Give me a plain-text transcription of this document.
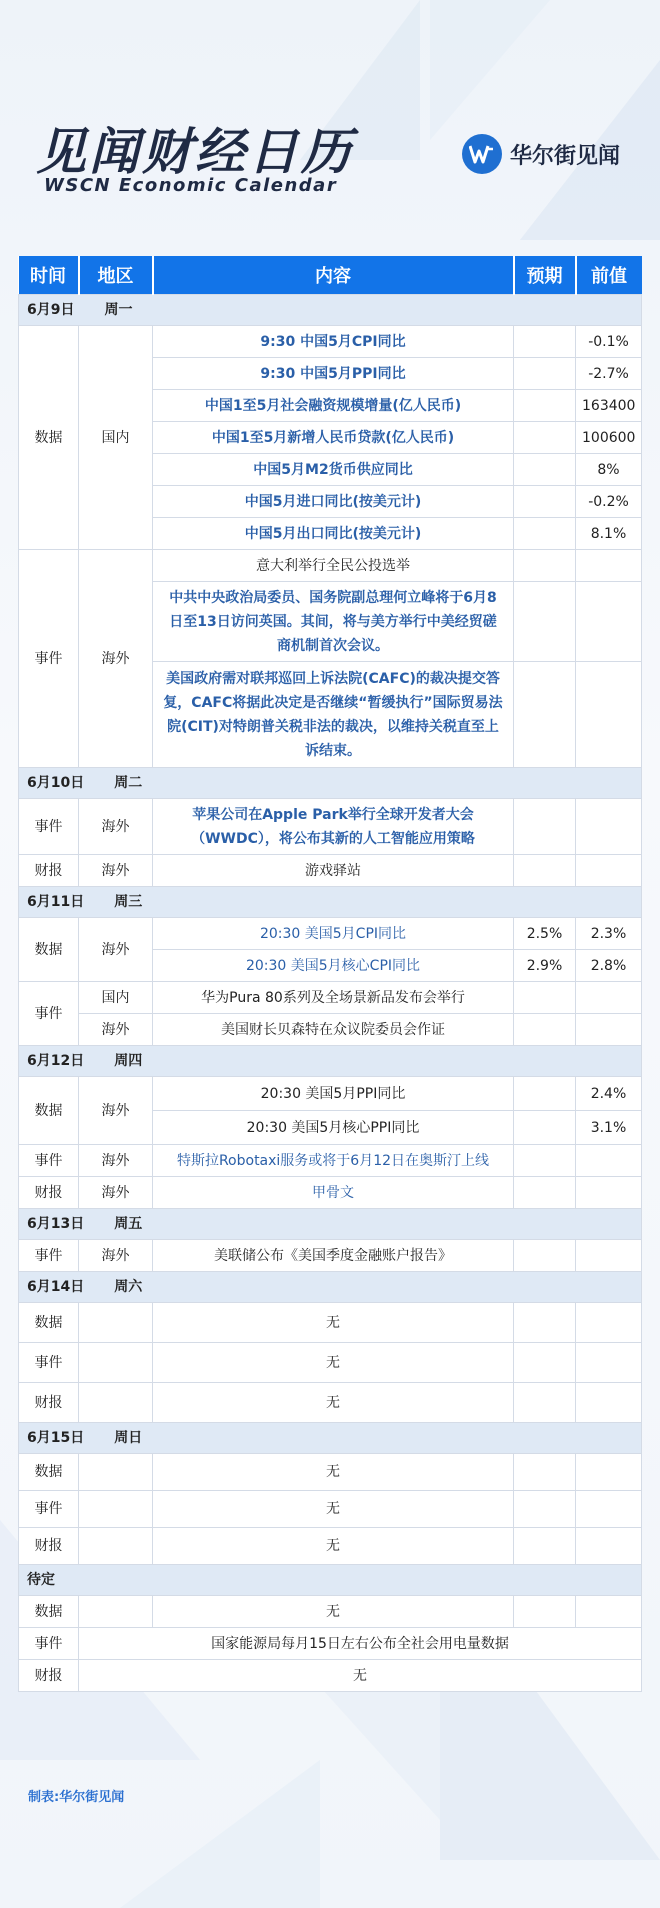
见闻财经日历
WSCN Economic Calendar
华尔街见闻
时间	地区	内容	预期	前值
6月9日 周一				
数据	国内	9:30 中国5月CPI同比		-0.1%
		9:30 中国5月PPI同比		-2.7%
		中国1至5月社会融资规模增量(亿人民币)		163400
		中国1至5月新增人民币贷款(亿人民币)		100600
		中国5月M2货币供应同比		8%
		中国5月进口同比(按美元计)		-0.2%
		中国5月出口同比(按美元计)		8.1%
事件	海外	意大利举行全民公投选举		
		中共中央政治局委员、国务院副总理何立峰将于6月8日至13日访问英国。其间，将与美方举行中美经贸磋商机制首次会议。		
		美国政府需对联邦巡回上诉法院(CAFC)的裁决提交答复，CAFC将据此决定是否继续“暂缓执行”国际贸易法院(CIT)对特朗普关税非法的裁决，以维持关税直至上诉结束。		
6月10日 周二				
事件	海外	苹果公司在Apple Park举行全球开发者大会（WWDC），将公布其新的人工智能应用策略		
财报	海外	游戏驿站		
6月11日 周三				
数据	海外	20:30 美国5月CPI同比	2.5%	2.3%
		20:30 美国5月核心CPI同比	2.9%	2.8%
事件	国内	华为Pura 80系列及全场景新品发布会举行		
	海外	美国财长贝森特在众议院委员会作证		
6月12日 周四				
数据	海外	20:30 美国5月PPI同比		2.4%
		20:30 美国5月核心PPI同比		3.1%
事件	海外	特斯拉Robotaxi服务或将于6月12日在奥斯汀上线		
财报	海外	甲骨文		
6月13日 周五				
事件	海外	美联储公布《美国季度金融账户报告》		
6月14日 周六				
数据		无		
事件		无		
财报		无		
6月15日 周日				
数据		无		
事件		无		
财报		无		
待定				
数据		无		
事件	国家能源局每月15日左右公布全社会用电量数据			
财报	无			
制表:华尔街见闻
